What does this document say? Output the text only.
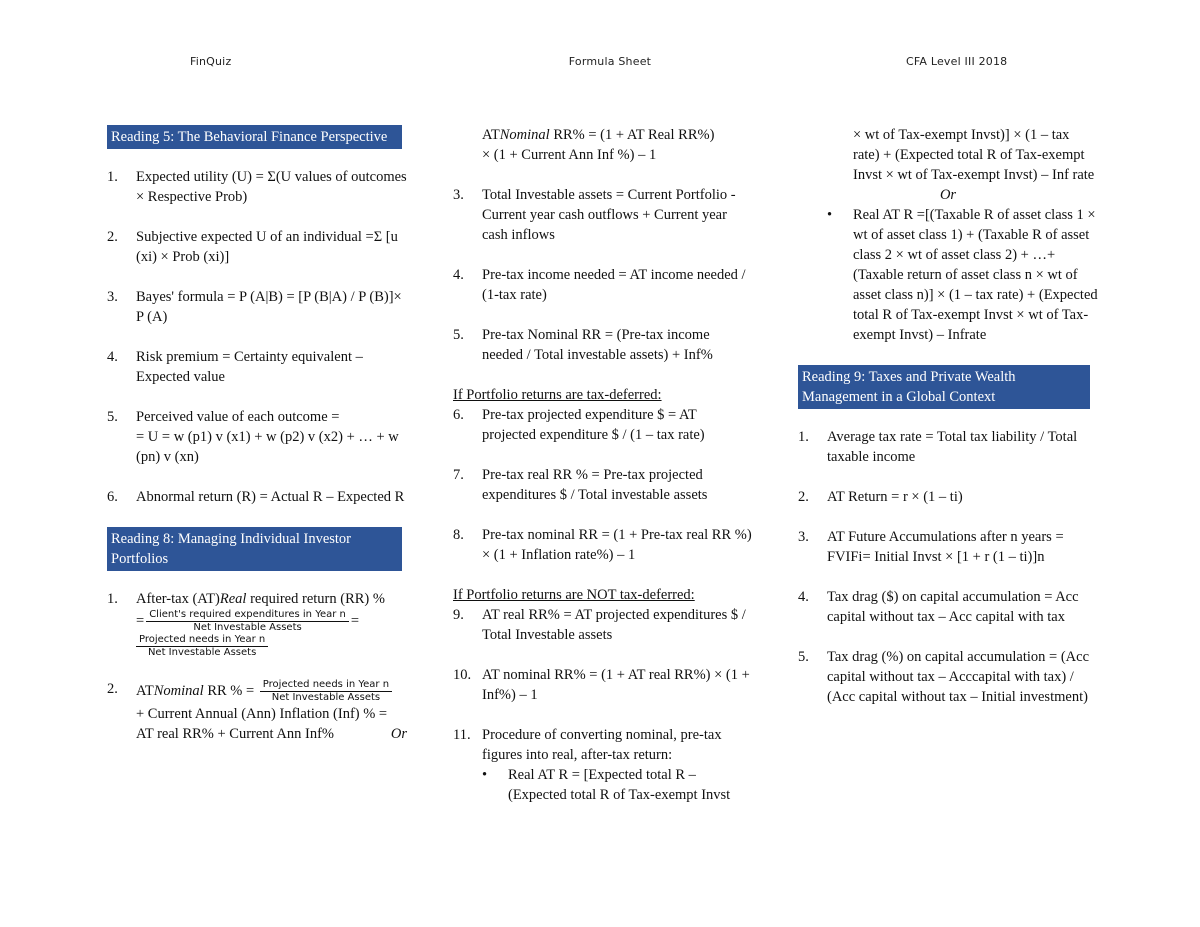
FinQuiz	Formula Sheet	CFA Level III 2018
Reading 5: The Behavioral Finance Perspective
1.	Expected utility (U) = Σ(U values of outcomes × Respective Prob)
2.	Subjective expected U of an individual =Σ [u (xi) × Prob (xi)]
3.	Bayes' formula = P (A|B) = [P (B|A) / P (B)]× P (A)
4.	Risk premium = Certainty equivalent – Expected value
5.	Perceived value of each outcome =
= U = w (p1) v (x1) + w (p2) v (x2) + … + w (pn) v (xn)
6.	Abnormal return (R) = Actual R – Expected R
Reading 8: Managing Individual Investor Portfolios
1.	After-tax (AT)Real required return (RR) %
= $\frac{\text{Client's required expenditures in Year n}}{\text{Net Investable Assets}}$ =

$\frac{\text{Projected needs in Year n}}{\text{Net Investable Assets}}$
2.	ATNominal RR % = $\frac{\text{Projected needs in Year n}}{\text{Net Investable Assets}}$

+ Current Annual (Ann) Inflation (Inf) % = AT real RR% + Current Ann Inf%	Or
ATNominal RR% = (1 + AT Real RR%)
× (1 + Current Ann Inf %) – 1
3.	Total Investable assets = Current Portfolio -Current year cash outflows + Current year cash inflows
4.	Pre-tax income needed = AT income needed / (1-tax rate)
5.	Pre-tax Nominal RR = (Pre-tax income needed / Total investable assets) + Inf%
If Portfolio returns are tax-deferred:
6.	Pre-tax projected expenditure $ = AT projected expenditure $ / (1 – tax rate)
7.	Pre-tax real RR % = Pre-tax projected expenditures $ / Total investable assets
8.	Pre-tax nominal RR = (1 + Pre-tax real RR %) × (1 + Inflation rate%) – 1
If Portfolio returns are NOT tax-deferred:
9.	AT real RR% = AT projected expenditures $ / Total Investable assets
10. AT nominal RR% = (1 + AT real RR%) × (1 + Inf%) – 1
11. Procedure of converting nominal, pre-tax figures into real, after-tax return:
•	Real AT R = [Expected total R – (Expected total R of Tax-exempt Invst
× wt of Tax-exempt Invst)] × (1 – tax rate) + (Expected total R of Tax-exempt Invst × wt of Tax-exempt Invst) – Inf rate
Or
•	Real AT R =[(Taxable R of asset class 1 × wt of asset class 1) + (Taxable R of asset class 2 × wt of asset class 2) + …+ (Taxable return of asset class n × wt of asset class n)] × (1 – tax rate) + (Expected total R of Tax-exempt Invst × wt of Tax-exempt Invst) – Infrate
Reading 9: Taxes and Private Wealth Management in a Global Context
1.	Average tax rate = Total tax liability / Total taxable income
2.	AT Return = r × (1 – ti)
3.	AT Future Accumulations after n years = FVIFi= Initial Invst × [1 + r (1 – ti)]n
4.	Tax drag ($) on capital accumulation = Acc capital without tax – Acc capital with tax
5.	Tax drag (%) on capital accumulation = (Acc capital without tax – Acccapital with tax) / (Acc capital without tax – Initial investment)
